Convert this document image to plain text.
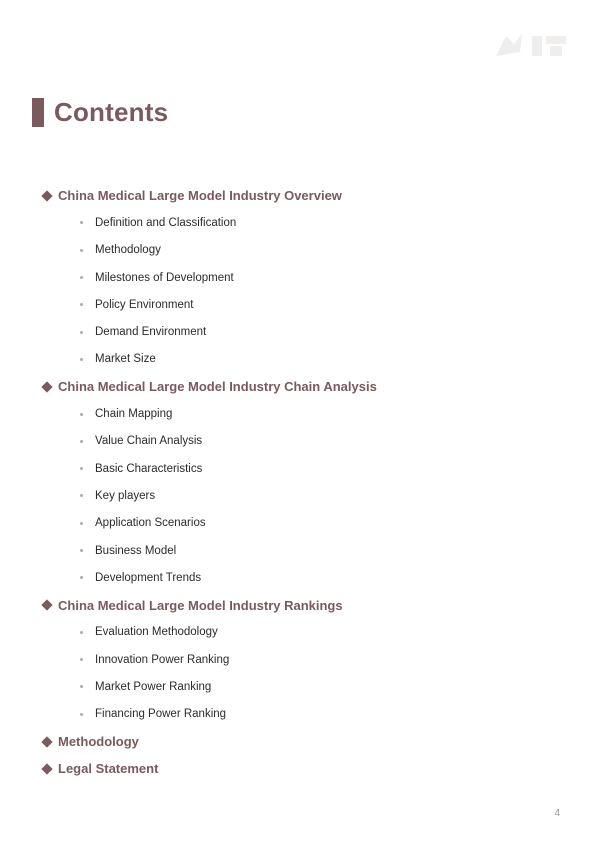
Contents
China Medical Large Model Industry Overview
Definition and Classification
Methodology
Milestones of Development
Policy Environment
Demand Environment
Market Size
China Medical Large Model Industry Chain Analysis
Chain Mapping
Value Chain Analysis
Basic Characteristics
Key players
Application Scenarios
Business Model
Development Trends
China Medical Large Model Industry Rankings
Evaluation Methodology
Innovation Power Ranking
Market Power Ranking
Financing Power Ranking
Methodology
Legal Statement
4
